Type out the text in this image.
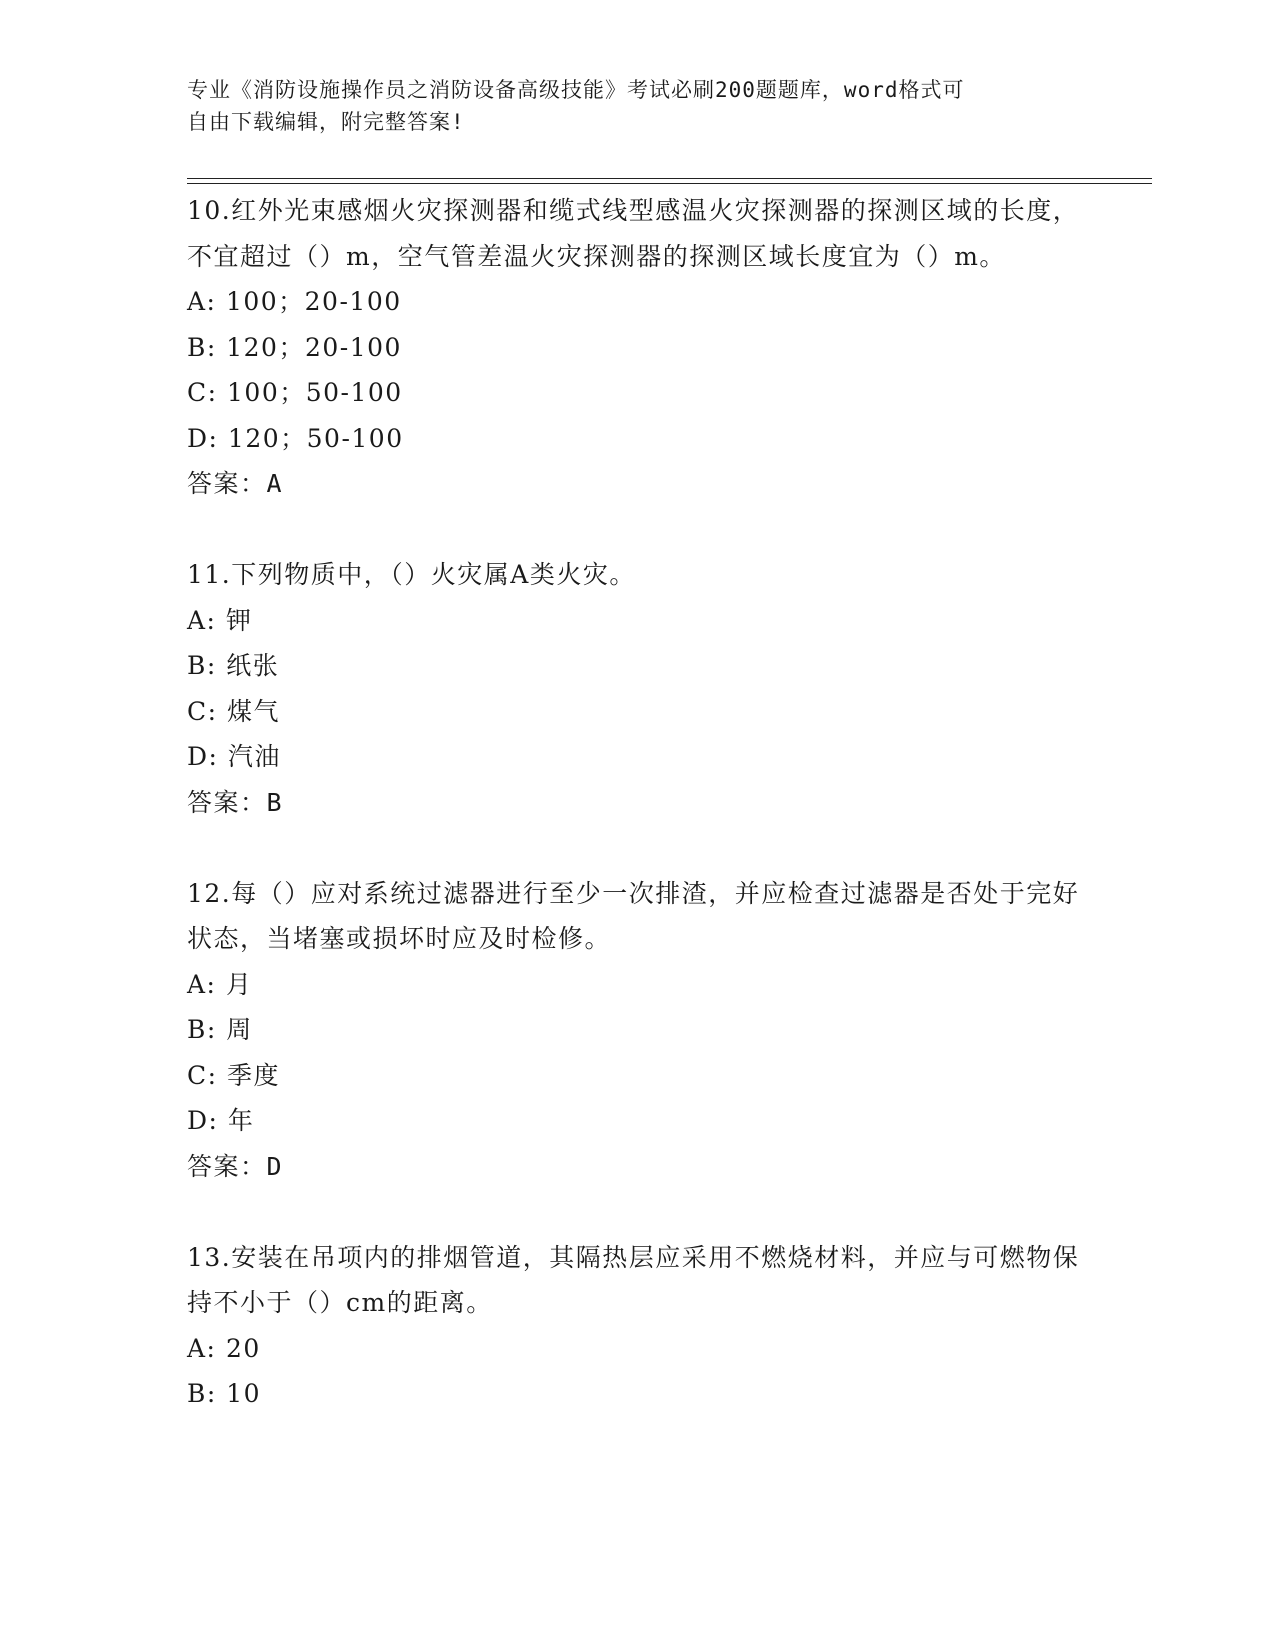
专业《消防设施操作员之消防设备高级技能》考试必刷200题题库，word格式可
自由下载编辑，附完整答案!

10.红外光束感烟火灾探测器和缆式线型感温火灾探测器的探测区域的长度，不宜超过（）m，空气管差温火灾探测器的探测区域长度宜为（）m。

A: 100；20-100
B: 120；20-100
C: 100；50-100
D: 120；50-100
答案：A

11.下列物质中，（）火灾属A类火灾。

A: 钾
B: 纸张
C: 煤气
D: 汽油
答案：B

12.每（）应对系统过滤器进行至少一次排渣，并应检查过滤器是否处于完好状态，当堵塞或损坏时应及时检修。

A: 月
B: 周
C: 季度
D: 年
答案：D

13.安装在吊项内的排烟管道，其隔热层应采用不燃烧材料，并应与可燃物保持不小于（）cm的距离。

A: 20
B: 10
